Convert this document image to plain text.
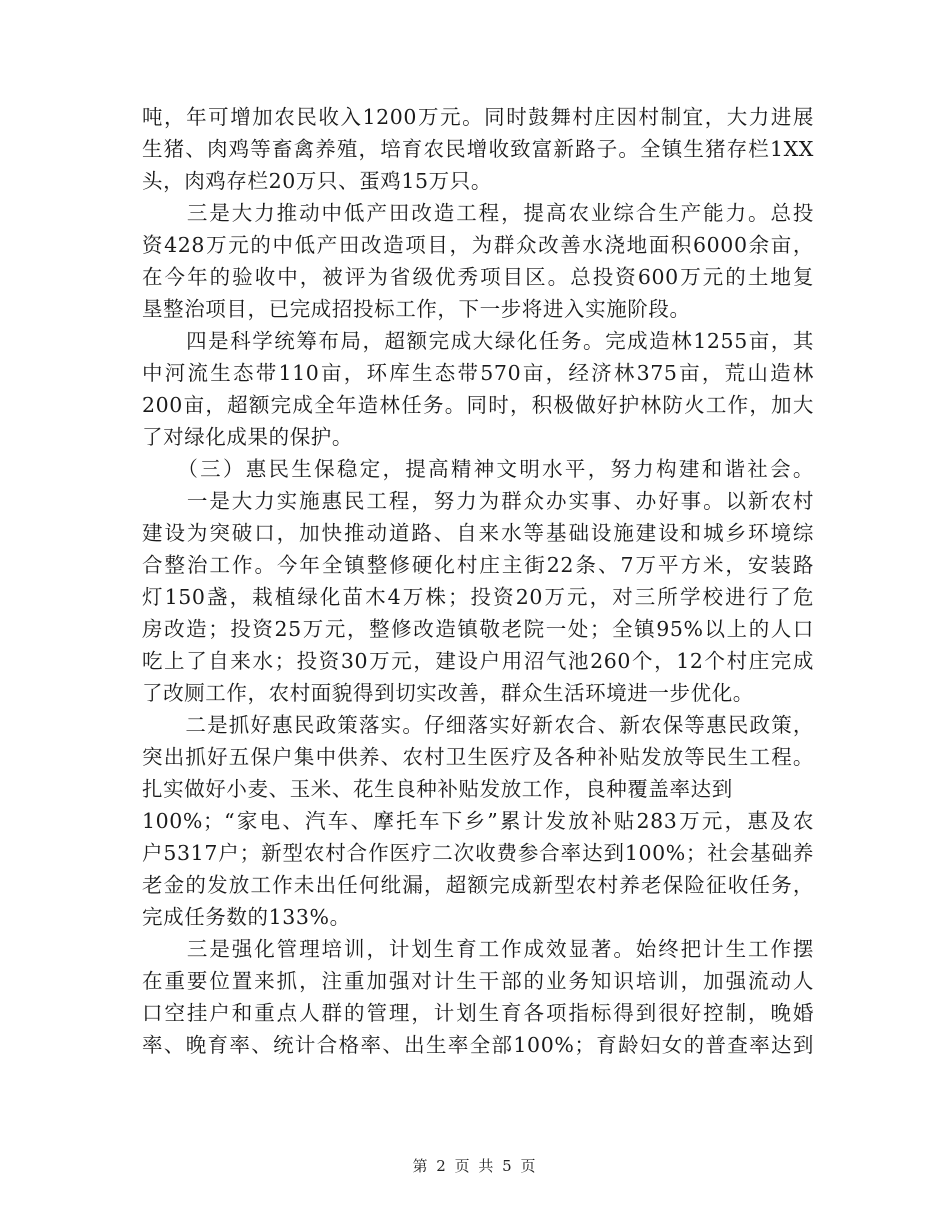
吨，年可增加农民收入1200万元。同时鼓舞村庄因村制宜，大力进展
生猪、肉鸡等畜禽养殖，培育农民增收致富新路子。全镇生猪存栏1XX
头，肉鸡存栏20万只、蛋鸡15万只。
　　三是大力推动中低产田改造工程，提高农业综合生产能力。总投
资428万元的中低产田改造项目，为群众改善水浇地面积6000余亩，
在今年的验收中，被评为省级优秀项目区。总投资600万元的土地复
垦整治项目，已完成招投标工作，下一步将进入实施阶段。
　　四是科学统筹布局，超额完成大绿化任务。完成造林1255亩，其
中河流生态带110亩，环库生态带570亩，经济林375亩，荒山造林
200亩，超额完成全年造林任务。同时，积极做好护林防火工作，加大
了对绿化成果的保护。
　　（三）惠民生保稳定，提高精神文明水平，努力构建和谐社会。
　　一是大力实施惠民工程，努力为群众办实事、办好事。以新农村
建设为突破口，加快推动道路、自来水等基础设施建设和城乡环境综
合整治工作。今年全镇整修硬化村庄主街22条、7万平方米，安装路
灯150盏，栽植绿化苗木4万株；投资20万元，对三所学校进行了危
房改造；投资25万元，整修改造镇敬老院一处；全镇95%以上的人口
吃上了自来水；投资30万元，建设户用沼气池260个，12个村庄完成
了改厕工作，农村面貌得到切实改善，群众生活环境进一步优化。
　　二是抓好惠民政策落实。仔细落实好新农合、新农保等惠民政策，
突出抓好五保户集中供养、农村卫生医疗及各种补贴发放等民生工程。
扎实做好小麦、玉米、花生良种补贴发放工作，良种覆盖率达到
100%；“家电、汽车、摩托车下乡”累计发放补贴283万元，惠及农
户5317户；新型农村合作医疗二次收费参合率达到100%；社会基础养
老金的发放工作未出任何纰漏，超额完成新型农村养老保险征收任务，
完成任务数的133%。
　　三是强化管理培训，计划生育工作成效显著。始终把计生工作摆
在重要位置来抓，注重加强对计生干部的业务知识培训，加强流动人
口空挂户和重点人群的管理，计划生育各项指标得到很好控制，晚婚
率、晚育率、统计合格率、出生率全部100%；育龄妇女的普查率达到
第 2 页 共 5 页
